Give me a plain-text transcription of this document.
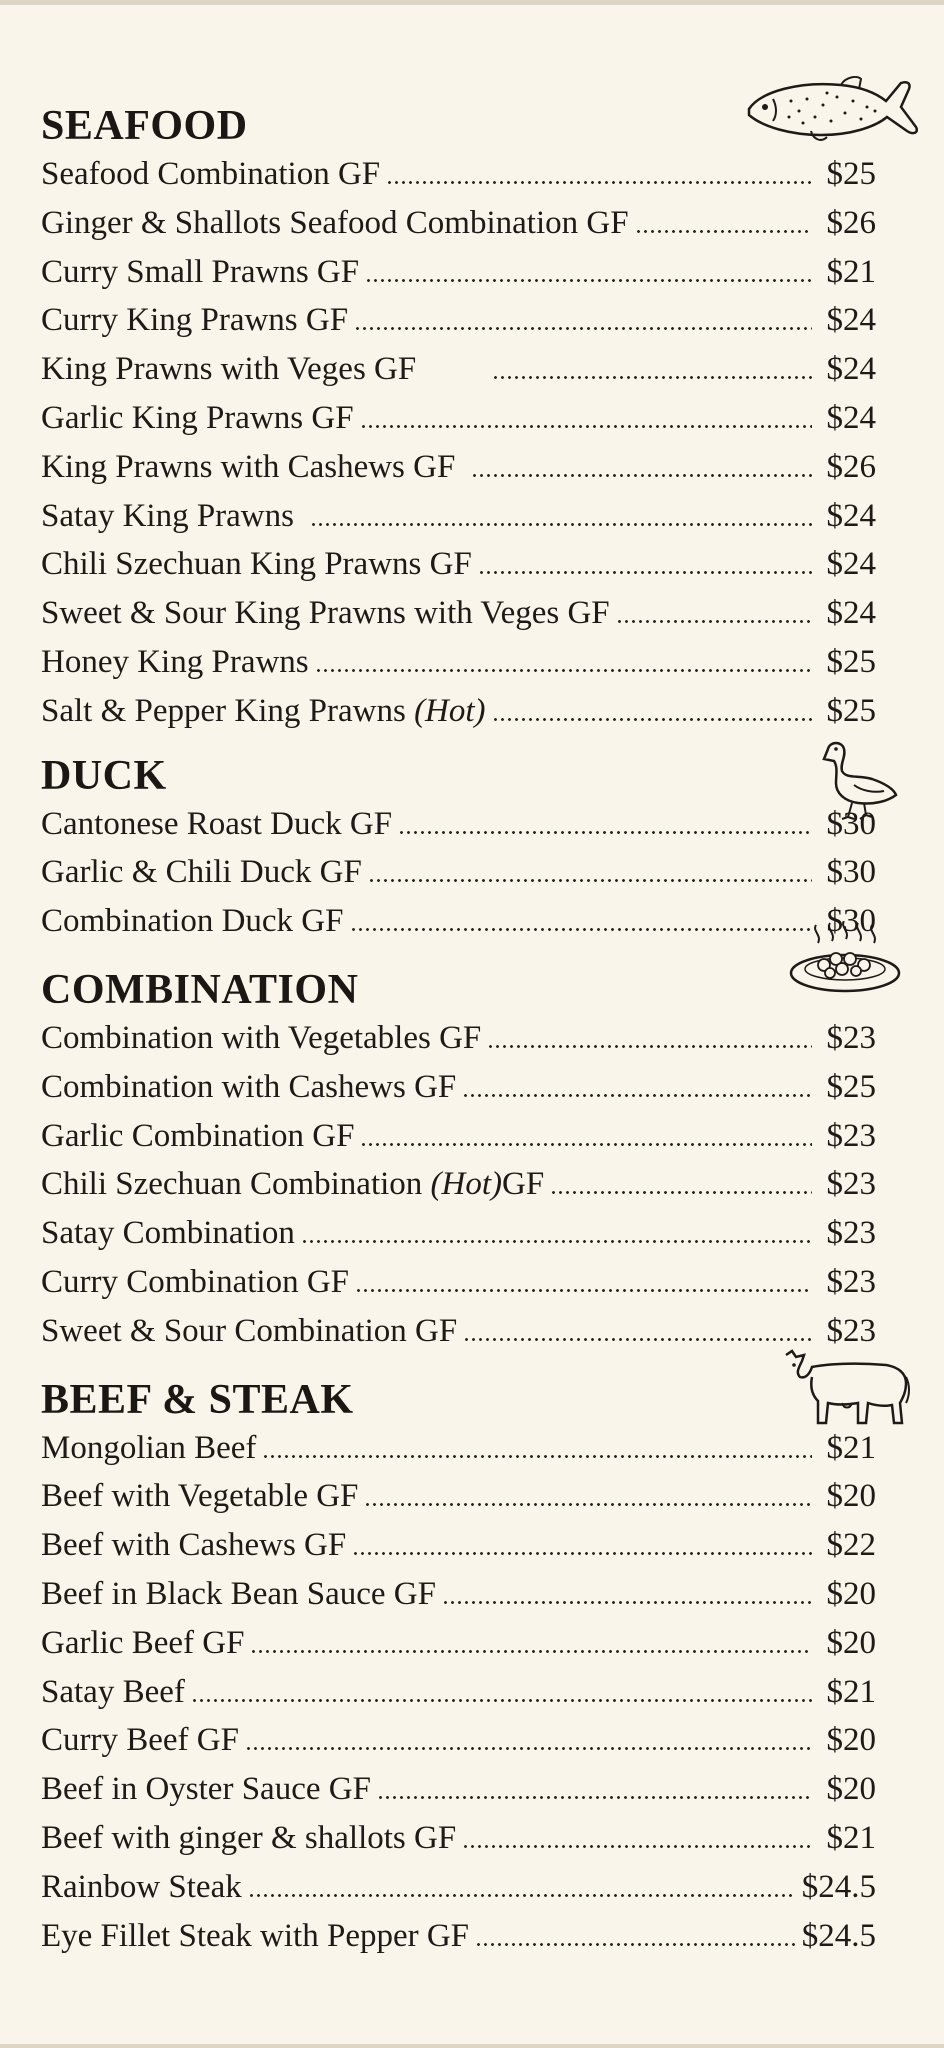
SEAFOOD
Seafood Combination GF	$25
Ginger & Shallots Seafood Combination GF	$26
Curry Small Prawns GF	$21
Curry King Prawns GF	$24
King Prawns with Veges GF	$24
Garlic King Prawns GF	$24
King Prawns with Cashews GF	$26
Satay King Prawns	$24
Chili Szechuan King Prawns GF	$24
Sweet & Sour King Prawns with Veges GF	$24
Honey King Prawns	$25
Salt & Pepper King Prawns (Hot)	$25
DUCK
Cantonese Roast Duck GF	$30
Garlic & Chili Duck GF	$30
Combination Duck GF	$30
COMBINATION
Combination with Vegetables GF	$23
Combination with Cashews GF	$25
Garlic Combination GF	$23
Chili Szechuan Combination (Hot)GF	$23
Satay Combination	$23
Curry Combination GF	$23
Sweet & Sour Combination GF	$23
BEEF & STEAK
Mongolian Beef	$21
Beef with Vegetable GF	$20
Beef with Cashews GF	$22
Beef in Black Bean Sauce GF	$20
Garlic Beef GF	$20
Satay Beef	$21
Curry Beef GF	$20
Beef in Oyster Sauce GF	$20
Beef with ginger & shallots GF	$21
Rainbow Steak	$24.5
Eye Fillet Steak with Pepper GF	$24.5
